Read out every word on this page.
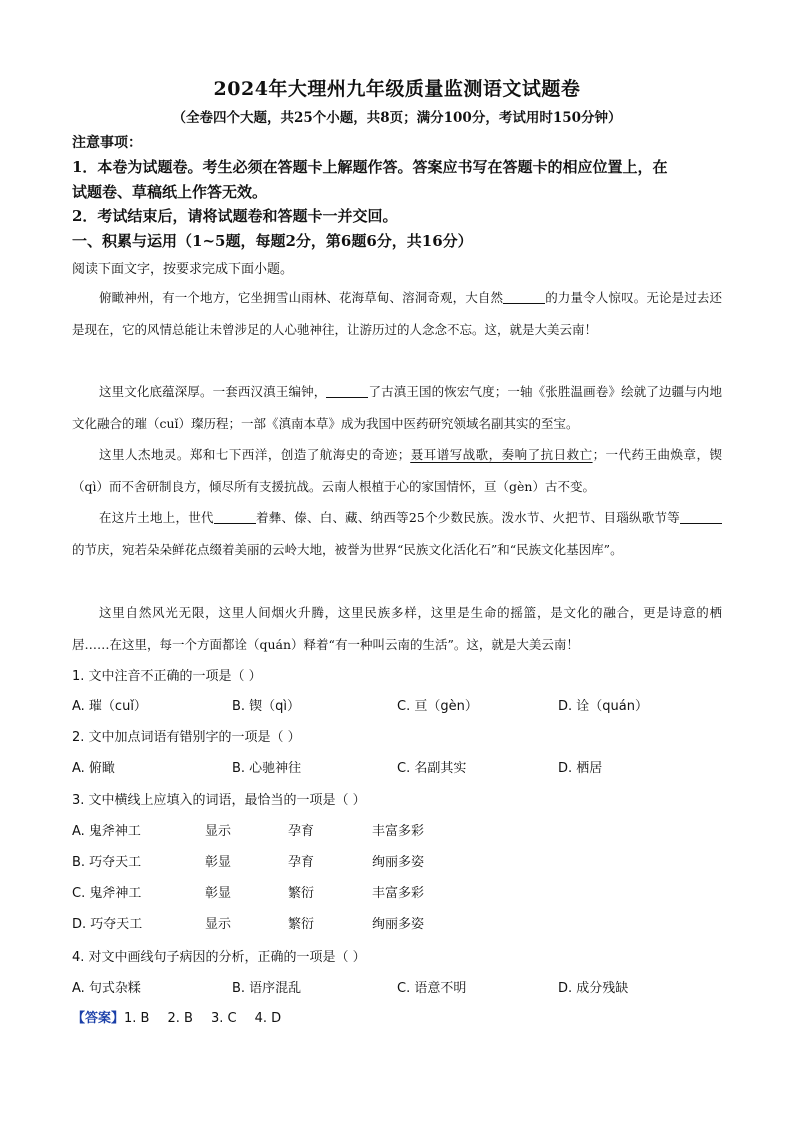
2024年大理州九年级质量监测语文试题卷
（全卷四个大题，共25个小题，共8页；满分100分，考试用时150分钟）
注意事项：
1．本卷为试题卷。考生必须在答题卡上解题作答。答案应书写在答题卡的相应位置上，在
试题卷、草稿纸上作答无效。
2．考试结束后，请将试题卷和答题卡一并交回。
一、积累与运用（1~5题，每题2分，第6题6分，共16分）
阅读下面文字，按要求完成下面小题。
俯瞰神州，有一个地方，它坐拥雪山雨林、花海草甸、溶洞奇观，大自然	的力量令人惊叹。无论是过去还是现在，它的风情总能让未曾涉足的人心驰神往，让游历过的人念念不忘。这，就是大美云南！
这里文化底蕴深厚。一套西汉滇王编钟，	了古滇王国的恢宏气度；一轴《张胜温画卷》绘就了边疆与内地文化融合的璀（cuǐ）璨历程；一部《滇南本草》成为我国中医药研究领域名副其实的至宝。
这里人杰地灵。郑和七下西洋，创造了航海史的奇迹；聂耳谱写战歌，奏响了抗日救亡；一代药王曲焕章，锲（qì）而不舍研制良方，倾尽所有支援抗战。云南人根植于心的家国情怀，亘（gèn）古不变。
在这片土地上，世代	着彝、傣、白、藏、纳西等25个少数民族。泼水节、火把节、目瑙纵歌节等的节庆，宛若朵朵鲜花点缀着美丽的云岭大地，被誉为世界“民族文化活化石”和“民族文化基因库”。
这里自然风光无限，这里人间烟火升腾，这里民族多样，这里是生命的摇篮，是文化的融合，更是诗意的栖居……在这里，每一个方面都诠（quán）释着“有一种叫云南的生活”。这，就是大美云南！
1. 文中注音不正确的一项是（ ）
A. 璀（cuǐ）	B. 锲（qì）	C. 亘（gèn）	D. 诠（quán）
2. 文中加点词语有错别字的一项是（ ）
A. 俯瞰	B. 心驰神往	C. 名副其实	D. 栖居
3. 文中横线上应填入的词语，最恰当的一项是（ ）
A. 鬼斧神工	显示	孕育	丰富多彩
B. 巧夺天工	彰显	孕育	绚丽多姿
C. 鬼斧神工	彰显	繁衍	丰富多彩
D. 巧夺天工	显示	繁衍	绚丽多姿
4. 对文中画线句子病因的分析，正确的一项是（ ）
A. 句式杂糅	B. 语序混乱	C. 语意不明	D. 成分残缺
【答案】1. B 2. B 3. C 4. D
